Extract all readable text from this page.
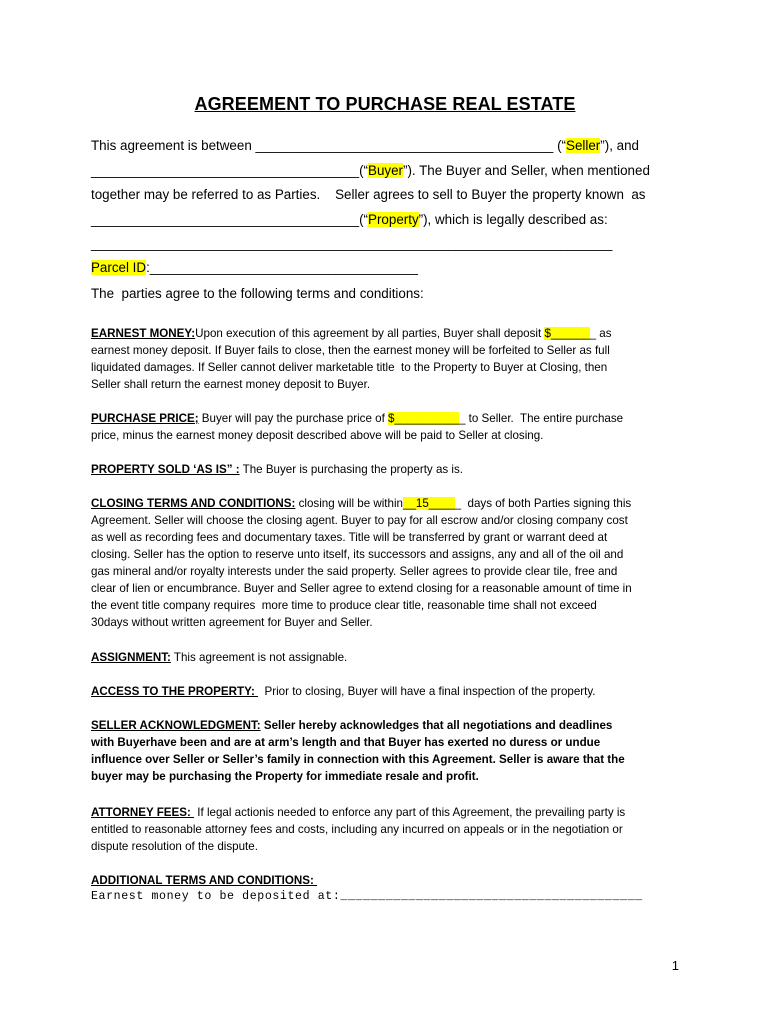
AGREEMENT TO PURCHASE REAL ESTATE
This agreement is between ________________________________________ (“Seller”), and
____________________________________(“Buyer”). The Buyer and Seller, when mentioned
together may be referred to as Parties.    Seller agrees to sell to Buyer the property known  as
____________________________________(“Property”), which is legally described as:
______________________________________________________________________
Parcel ID:____________________________________
The  parties agree to the following terms and conditions:
EARNEST MONEY:Upon execution of this agreement by all parties, Buyer shall deposit $_______ as
earnest money deposit. If Buyer fails to close, then the earnest money will be forfeited to Seller as full
liquidated damages. If Seller cannot deliver marketable title  to the Property to Buyer at Closing, then
Seller shall return the earnest money deposit to Buyer.
PURCHASE PRICE; Buyer will pay the purchase price of $___________ to Seller.  The entire purchase
price, minus the earnest money deposit described above will be paid to Seller at closing.
PROPERTY SOLD ‘AS IS” : The Buyer is purchasing the property as is.
CLOSING TERMS AND CONDITIONS: closing will be within__15_____  days of both Parties signing this
Agreement. Seller will choose the closing agent. Buyer to pay for all escrow and/or closing company cost
as well as recording fees and documentary taxes. Title will be transferred by grant or warrant deed at
closing. Seller has the option to reserve unto itself, its successors and assigns, any and all of the oil and
gas mineral and/or royalty interests under the said property. Seller agrees to provide clear tile, free and
clear of lien or encumbrance. Buyer and Seller agree to extend closing for a reasonable amount of time in
the event title company requires  more time to produce clear title, reasonable time shall not exceed
30days without written agreement for Buyer and Seller.
ASSIGNMENT: This agreement is not assignable.
ACCESS TO THE PROPERTY:   Prior to closing, Buyer will have a final inspection of the property.
SELLER ACKNOWLEDGMENT: Seller hereby acknowledges that all negotiations and deadlines
with Buyerhave been and are at arm’s length and that Buyer has exerted no duress or undue
influence over Seller or Seller’s family in connection with this Agreement. Seller is aware that the
buyer may be purchasing the Property for immediate resale and profit.
ATTORNEY FEES:  If legal actionis needed to enforce any part of this Agreement, the prevailing party is
entitled to reasonable attorney fees and costs, including any incurred on appeals or in the negotiation or
dispute resolution of the dispute.
ADDITIONAL TERMS AND CONDITIONS:
Earnest money to be deposited at:________________________________________
1
